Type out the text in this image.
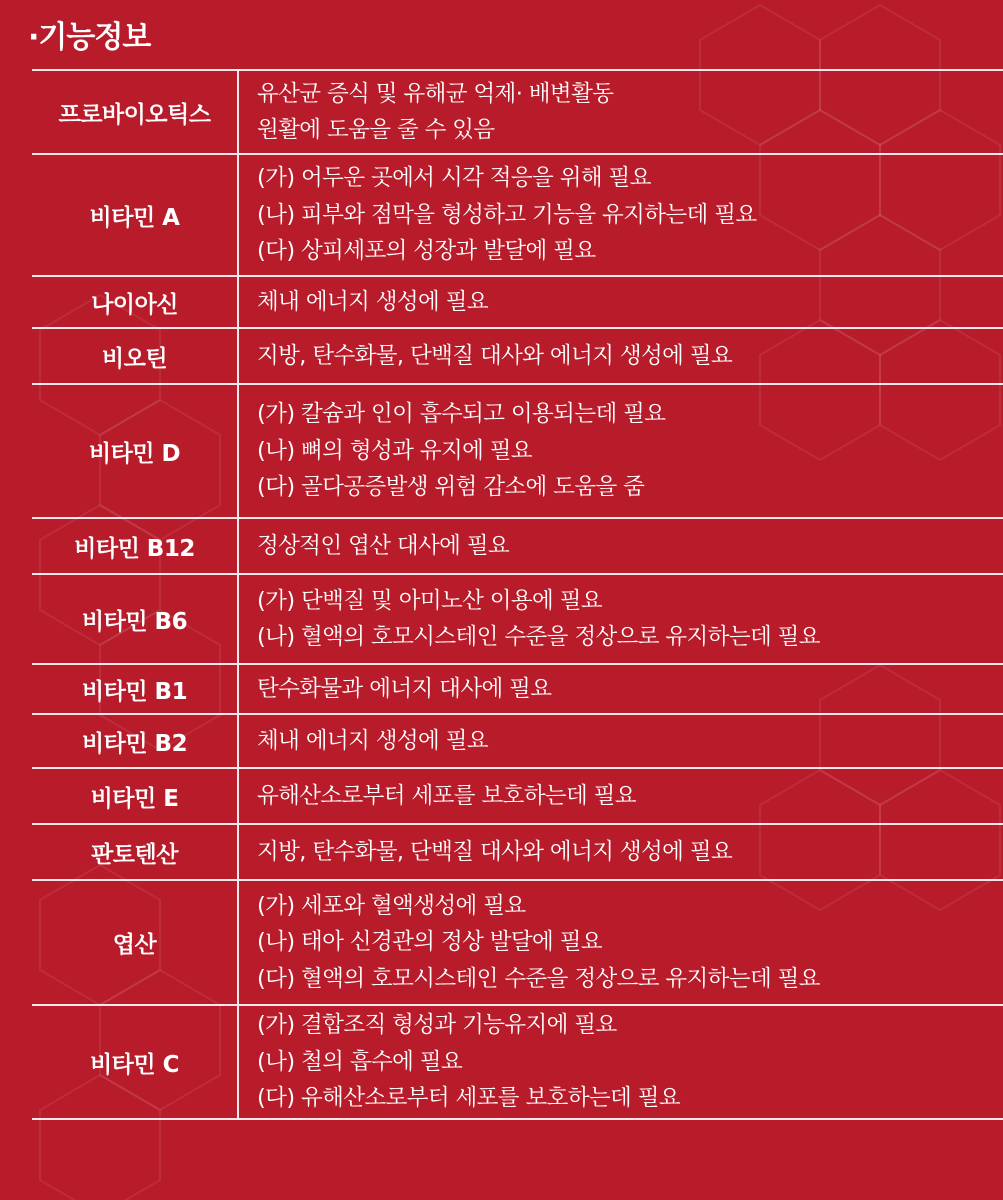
·기능정보
프로바이오틱스	유산균 증식 및 유해균 억제· 배변활동
원활에 도움을 줄 수 있음

비타민 A	(가) 어두운 곳에서 시각 적응을 위해 필요
(나) 피부와 점막을 형성하고 기능을 유지하는데 필요
(다) 상피세포의 성장과 발달에 필요

나이아신	체내 에너지 생성에 필요

비오틴	지방, 탄수화물, 단백질 대사와 에너지 생성에 필요

비타민 D	(가) 칼슘과 인이 흡수되고 이용되는데 필요
(나) 뼈의 형성과 유지에 필요
(다) 골다공증발생 위험 감소에 도움을 줌

비타민 B12	정상적인 엽산 대사에 필요

비타민 B6	(가) 단백질 및 아미노산 이용에 필요
(나) 혈액의 호모시스테인 수준을 정상으로 유지하는데 필요

비타민 B1	탄수화물과 에너지 대사에 필요

비타민 B2	체내 에너지 생성에 필요

비타민 E	유해산소로부터 세포를 보호하는데 필요

판토텐산	지방, 탄수화물, 단백질 대사와 에너지 생성에 필요

엽산	(가) 세포와 혈액생성에 필요
(나) 태아 신경관의 정상 발달에 필요
(다) 혈액의 호모시스테인 수준을 정상으로 유지하는데 필요

비타민 C	(가) 결합조직 형성과 기능유지에 필요
(나) 철의 흡수에 필요
(다) 유해산소로부터 세포를 보호하는데 필요
